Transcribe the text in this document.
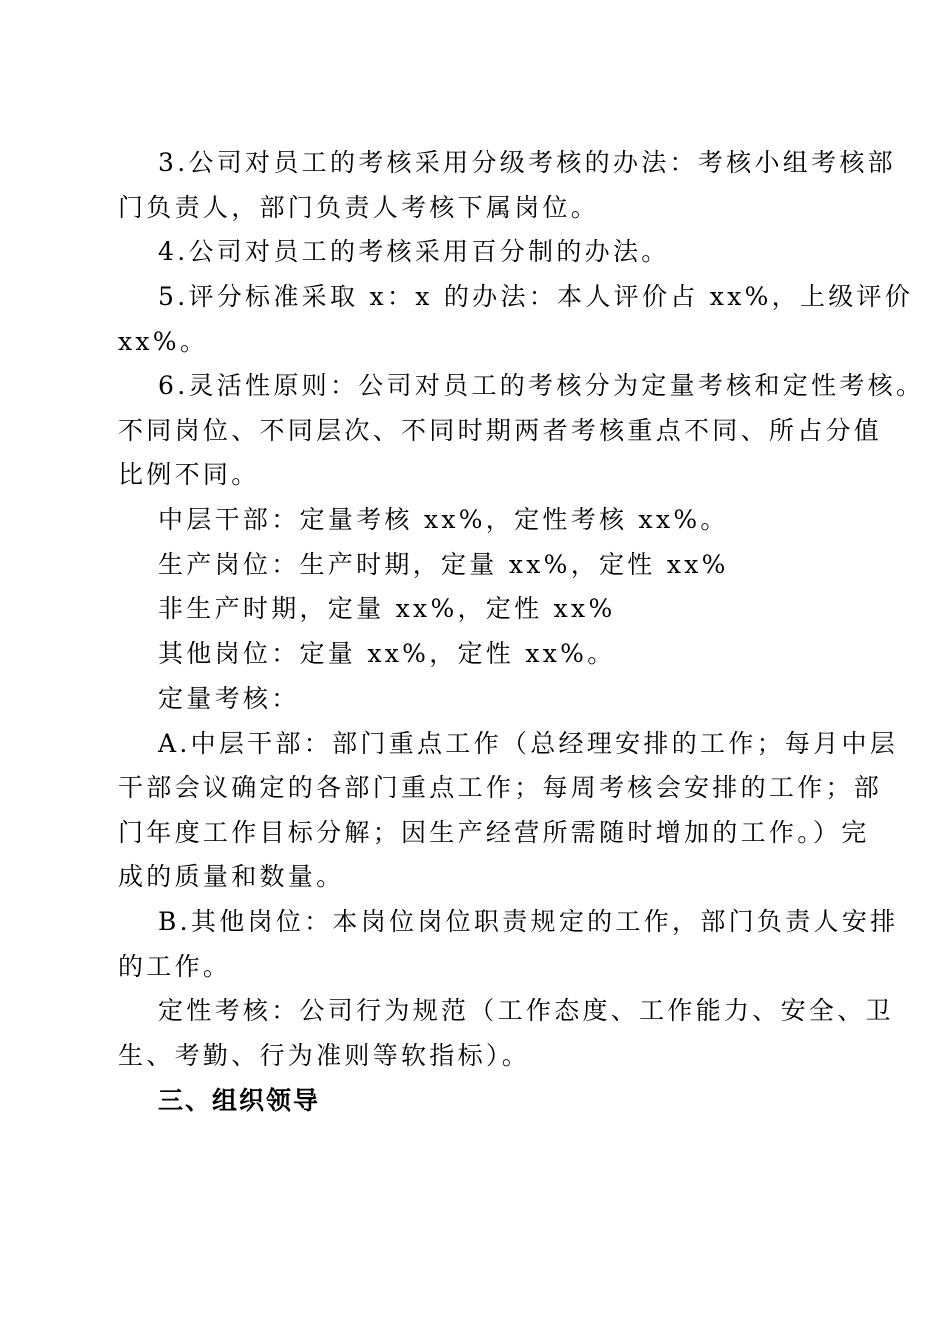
3.公司对员工的考核采用分级考核的办法：考核小组考核部
门负责人，部门负责人考核下属岗位。
4.公司对员工的考核采用百分制的办法。
5.评分标准采取 x：x 的办法：本人评价占 xx%，上级评价
xx%。
6.灵活性原则：公司对员工的考核分为定量考核和定性考核。
不同岗位、不同层次、不同时期两者考核重点不同、所占分值
比例不同。
中层干部：定量考核 xx%，定性考核 xx%。
生产岗位：生产时期，定量 xx%，定性 xx%
非生产时期，定量 xx%，定性 xx%
其他岗位：定量 xx%，定性 xx%。
定量考核：
A.中层干部：部门重点工作（总经理安排的工作；每月中层
干部会议确定的各部门重点工作；每周考核会安排的工作；部
门年度工作目标分解；因生产经营所需随时增加的工作。）完
成的质量和数量。
B.其他岗位：本岗位岗位职责规定的工作，部门负责人安排
的工作。
定性考核：公司行为规范（工作态度、工作能力、安全、卫
生、考勤、行为准则等软指标）。
三、组织领导
